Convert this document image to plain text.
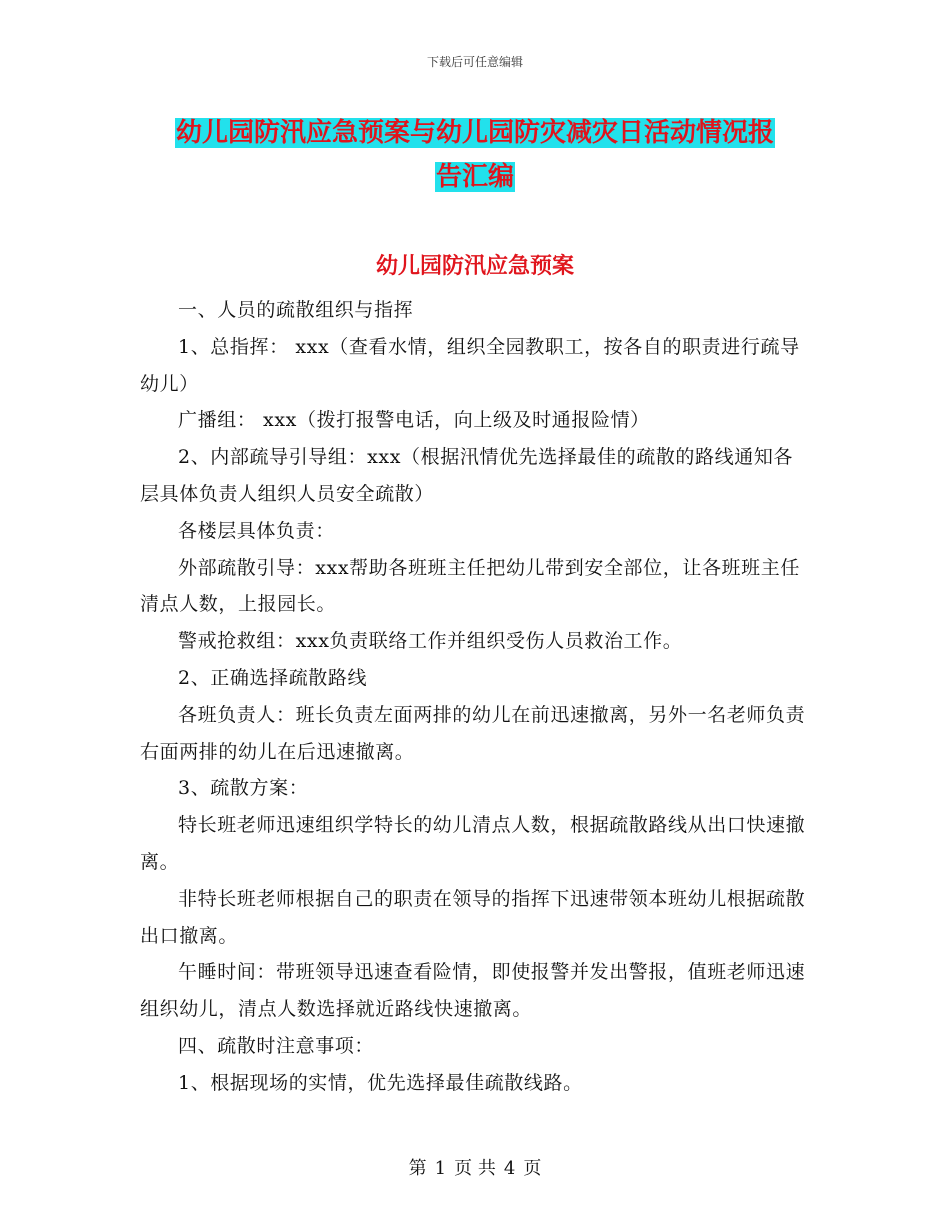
下载后可任意编辑
幼儿园防汛应急预案与幼儿园防灾减灾日活动情况报
告汇编
幼儿园防汛应急预案

一、人员的疏散组织与指挥

1、总指挥： xxx（查看水情，组织全园教职工，按各自的职责进行疏导幼儿）

广播组： xxx（拨打报警电话，向上级及时通报险情）

2、内部疏导引导组：xxx（根据汛情优先选择最佳的疏散的路线通知各层具体负责人组织人员安全疏散）

各楼层具体负责：

外部疏散引导：xxx帮助各班班主任把幼儿带到安全部位，让各班班主任清点人数，上报园长。

警戒抢救组：xxx负责联络工作并组织受伤人员救治工作。

2、正确选择疏散路线

各班负责人：班长负责左面两排的幼儿在前迅速撤离，另外一名老师负责右面两排的幼儿在后迅速撤离。

3、疏散方案：

特长班老师迅速组织学特长的幼儿清点人数，根据疏散路线从出口快速撤离。

非特长班老师根据自己的职责在领导的指挥下迅速带领本班幼儿根据疏散出口撤离。

午睡时间：带班领导迅速查看险情，即使报警并发出警报，值班老师迅速组织幼儿，清点人数选择就近路线快速撤离。

四、疏散时注意事项：

1、根据现场的实情，优先选择最佳疏散线路。

第 1 页 共 4 页
